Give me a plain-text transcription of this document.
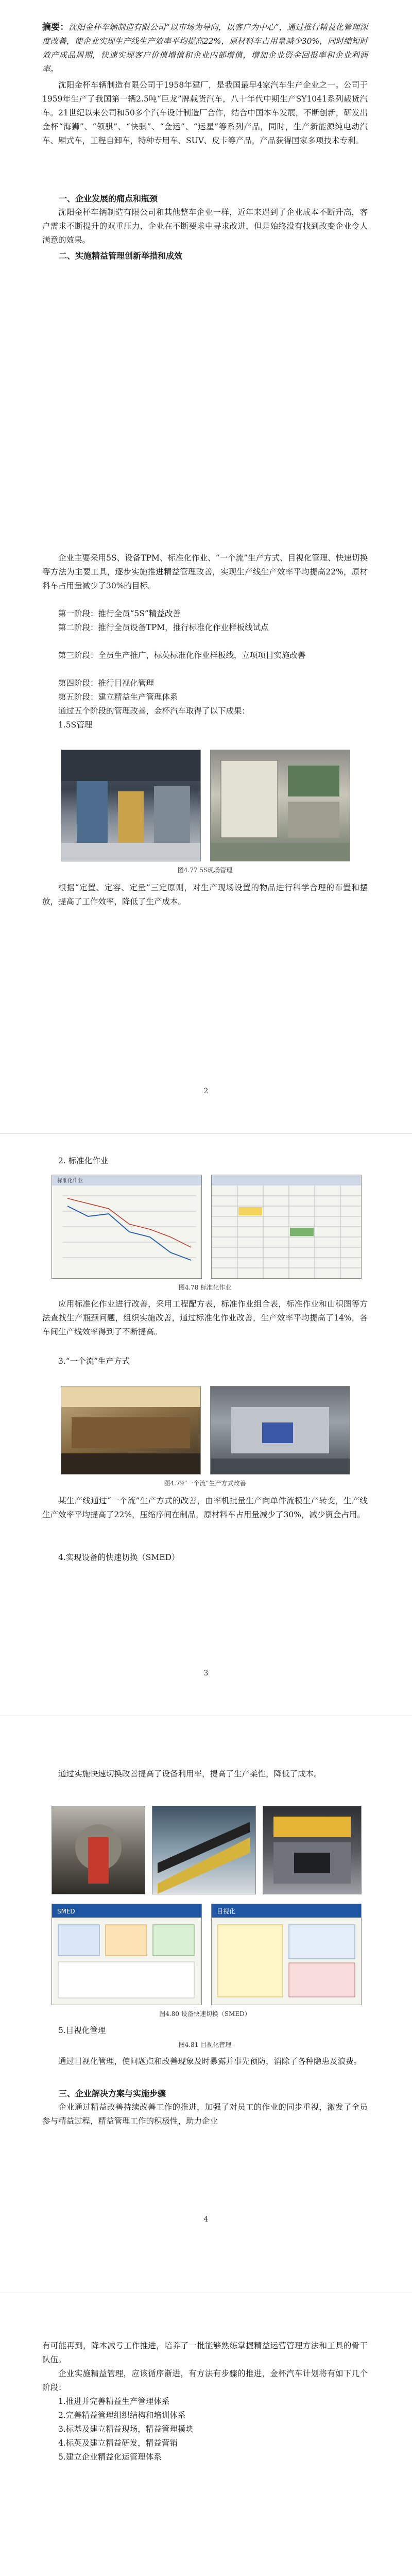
摘要：沈阳金杯车辆制造有限公司“以市场为导向，以客户为中心”，通过推行精益化管理深度改善，使企业实现生产线生产效率平均提高22%，原材料车占用量减少30%，同时缩短时效产成品周期，快速实现客户价值增值和企业内部增值，增加企业资金回报率和企业利润率。
沈阳金杯车辆制造有限公司于1958年建厂，是我国最早4家汽车生产企业之一。公司于1959年生产了我国第一辆2.5吨“巨龙”牌载货汽车，八十年代中期生产SY1041系列载货汽车。21世纪以来公司和50多个汽车设计制造厂合作，结合中国本车发展，不断创新，研发出金杯“海狮”、“领骐”、“快骐”、“金运”、“运星”等系列产品，同时，生产新能源纯电动汽车、厢式车，工程自卸车，特种专用车、SUV、皮卡等产品，产品获得国家多项技术专利。
一、企业发展的痛点和瓶颈
沈阳金杯车辆制造有限公司和其他整车企业一样，近年来遇到了企业成本不断升高，客户需求不断提升的双重压力，企业在不断要求中寻求改进，但是始终没有找到改变企业令人满意的效果。
二、实施精益管理创新举措和成效
企业主要采用5S、设备TPM、标准化作业、“一个流”生产方式、目视化管理、快速切换等方法为主要工具，逐步实施推进精益管理改善，实现生产线生产效率平均提高22%，原材料车占用量减少了30%的目标。
第一阶段：推行全员“5S”精益改善
第二阶段：推行全员设备TPM，推行标准化作业样板线试点
第三阶段：全员生产推广，标英标准化作业样板线，立项项目实施改善
第四阶段：推行目视化管理
第五阶段：建立精益生产管理体系
通过五个阶段的管理改善，金杯汽车取得了以下成果：
1.5S管理
图4.77 5S现场管理
根据“定置、定容、定量”三定原则，对生产现场设置的物品进行科学合理的布置和摆放，提高了工作效率，降低了生产成本。
2
2. 标准化作业
标准化作业
图4.78 标准化作业
应用标准化作业进行改善，采用工程配方表，标准作业组合表，标准作业和山积图等方法查找生产瓶颈问题，组织实施改善，通过标准化作业改善，生产效率平均提高了14%，各车间生产线效率得到了不断提高。
3.“一个流”生产方式
图4.79“一个流”生产方式改善
某生产线通过“一个流”生产方式的改善，由率机批量生产向单件流模生产转变，生产线生产效率平均提高了22%，压缩序间在制品，原材料车占用量减少了30%，减少资金占用。
4.实现设备的快速切换（SMED）
3
通过实施快速切换改善提高了设备利用率，提高了生产柔性，降低了成本。
SMED	目视化
图4.80 设备快速切换（SMED）
5.目视化管理
图4.81 目视化管理
通过目视化管理，使问题点和改善现象及时暴露并事先预防，消除了各种隐患及浪费。
三、企业解决方案与实施步骤
企业通过精益改善持续改善工作的推进，加强了对员工的作业的同步重视，激发了全员参与精益过程，精益管理工作的积极性，助力企业
4
有可能再到，降本减亏工作推进，培养了一批能够熟练掌握精益运营管理方法和工具的骨干队伍。
企业实施精益管理，应该循序渐进，有方法有步骤的推进，金杯汽车计划将有如下几个阶段：
1.推进并完善精益生产管理体系
2.完善精益管理组织结构和培训体系
3.标基及建立精益现场，精益管理模块
4.标英及建立精益研发，精益营销
5.建立企业精益化运管理体系
